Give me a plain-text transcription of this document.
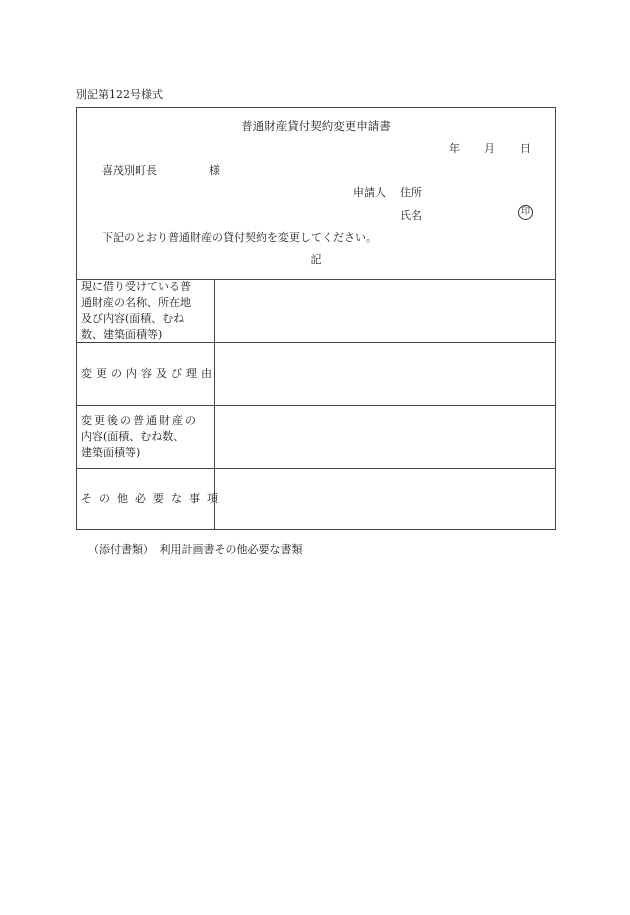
別記第122号様式
普通財産貸付契約変更申請書
年 月 日
喜茂別町長	様
申請人 住所
氏名	印
下記のとおり普通財産の貸付契約を変更してください。
記
現に借り受けている普
通財産の名称、所在地
及び内容(面積、むね
数、建築面積等)
変更の内容及び理由
変更後の普通財産の
内容(面積、むね数、
建築面積等)
その他必要な事項
（添付書類）　利用計画書その他必要な書類
